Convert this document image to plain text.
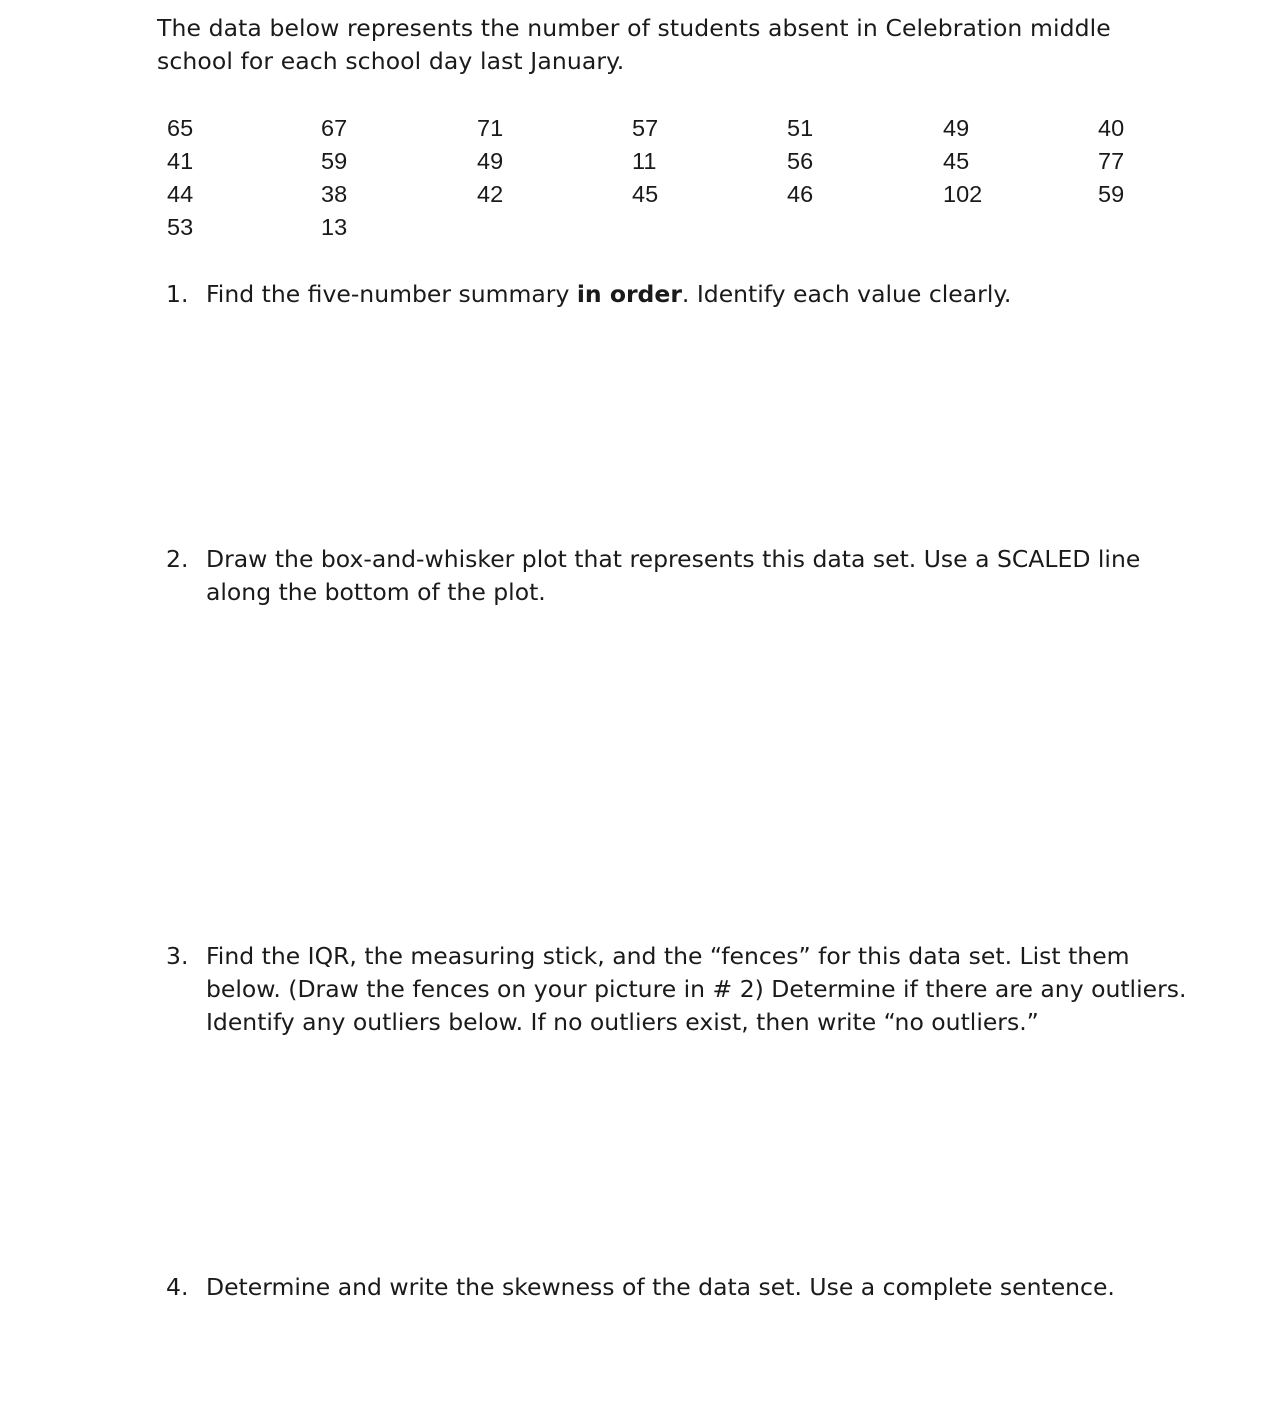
The data below represents the number of students absent in Celebration middle school for each school day last January.
65	67	71	57	51	49	40
41	59	49	11	56	45	77
44	38	42	45	46	102	59
53	13
1. Find the five-number summary in order. Identify each value clearly.
2. Draw the box-and-whisker plot that represents this data set. Use a SCALED line along the bottom of the plot.
3. Find the IQR, the measuring stick, and the “fences” for this data set. List them below. (Draw the fences on your picture in # 2) Determine if there are any outliers. Identify any outliers below. If no outliers exist, then write “no outliers.”
4. Determine and write the skewness of the data set. Use a complete sentence.
